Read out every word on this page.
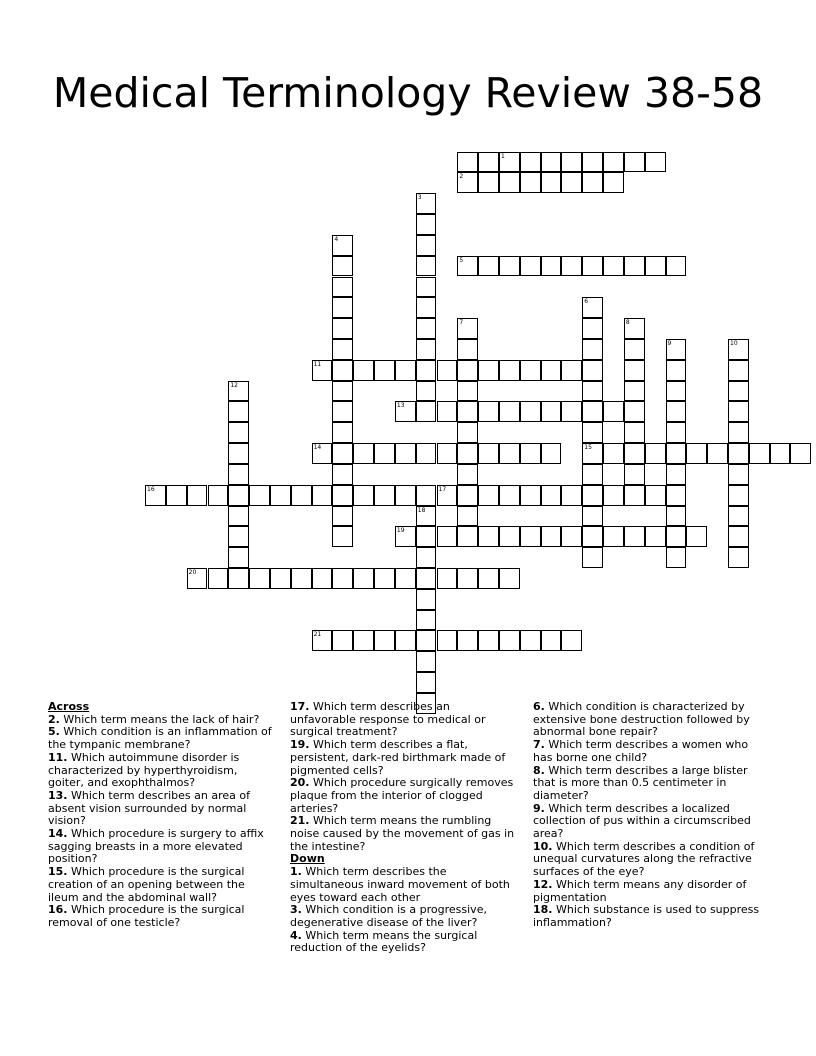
Medical Terminology Review 38-58
1
2
3
4
5
6
15
7	8
9	10
11
12
13
14
16	17
18
19
20
21
Across
2. Which term means the lack of hair?
5. Which condition is an inflammation of the tympanic membrane?
11. Which autoimmune disorder is characterized by hyperthyroidism, goiter, and exophthalmos?
13. Which term describes an area of absent vision surrounded by normal vision?
14. Which procedure is surgery to affix sagging breasts in a more elevated position?
15. Which procedure is the surgical creation of an opening between the ileum and the abdominal wall?
16. Which procedure is the surgical removal of one testicle?
17. Which term describes an unfavorable response to medical or surgical treatment?
19. Which term describes a flat, persistent, dark-red birthmark made of pigmented cells?
20. Which procedure surgically removes plaque from the interior of clogged arteries?
21. Which term means the rumbling noise caused by the movement of gas in the intestine?
Down
1. Which term describes the simultaneous inward movement of both eyes toward each other
3. Which condition is a progressive, degenerative disease of the liver?
4. Which term means the surgical reduction of the eyelids?
6. Which condition is characterized by extensive bone destruction followed by abnormal bone repair?
7. Which term describes a women who has borne one child?
8. Which term describes a large blister that is more than 0.5 centimeter in diameter?
9. Which term describes a localized collection of pus within a circumscribed area?
10. Which term describes a condition of unequal curvatures along the refractive surfaces of the eye?
12. Which term means any disorder of pigmentation
18. Which substance is used to suppress inflammation?
